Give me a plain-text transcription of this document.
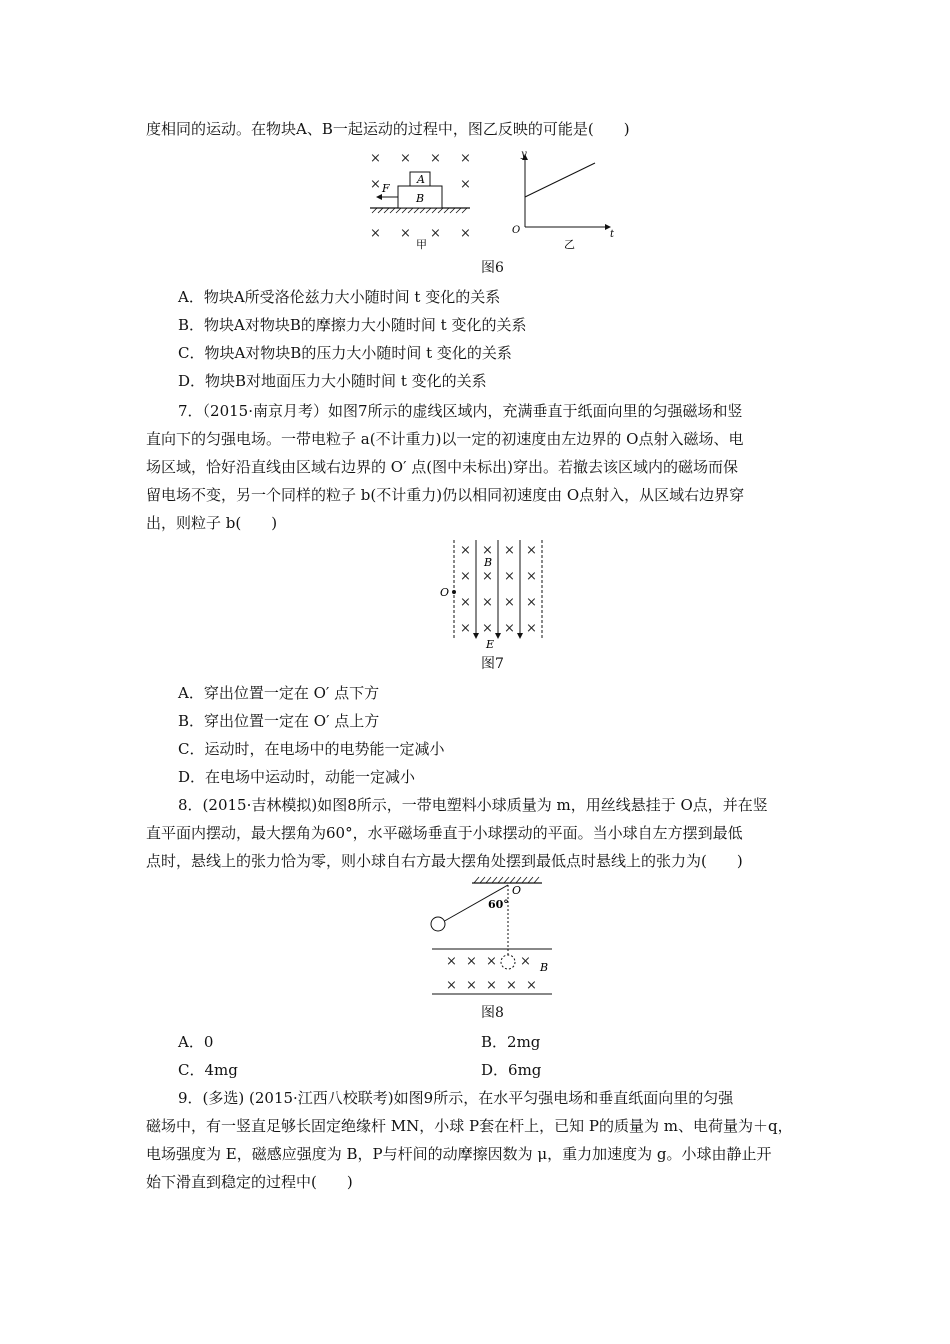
度相同的运动。在物块A、B一起运动的过程中，图乙反映的可能是(　　)
× × × ×
×	×
× × × ×
A
B
F
甲
y
O	t
乙
图6
A．物块A所受洛伦兹力大小随时间 t 变化的关系
B．物块A对物块B的摩擦力大小随时间 t 变化的关系
C．物块A对物块B的压力大小随时间 t 变化的关系
D．物块B对地面压力大小随时间 t 变化的关系
7．（2015·南京月考）如图7所示的虚线区域内，充满垂直于纸面向里的匀强磁场和竖
直向下的匀强电场。一带电粒子 a(不计重力)以一定的初速度由左边界的 O点射入磁场、电
场区域，恰好沿直线由区域右边界的 O′ 点(图中未标出)穿出。若撤去该区域内的磁场而保
留电场不变，另一个同样的粒子 b(不计重力)仍以相同初速度由 O点射入，从区域右边界穿
出，则粒子 b(　　)
× × × ×
× × × ×
× × × ×
× × × ×
O
B
E
图7
A．穿出位置一定在 O′ 点下方
B．穿出位置一定在 O′ 点上方
C．运动时，在电场中的电势能一定减小
D．在电场中运动时，动能一定减小
8．(2015·吉林模拟)如图8所示，一带电塑料小球质量为 m，用丝线悬挂于 O点，并在竖
直平面内摆动，最大摆角为60°，水平磁场垂直于小球摆动的平面。当小球自左方摆到最低
点时，悬线上的张力恰为零，则小球自右方最大摆角处摆到最低点时悬线上的张力为(　　)
O
60°
× × × ×
× × × × ×
B
图8
A．0	B．2mg
C．4mg	D．6mg
9．(多选) (2015·江西八校联考)如图9所示，在水平匀强电场和垂直纸面向里的匀强
磁场中，有一竖直足够长固定绝缘杆 MN，小球 P套在杆上，已知 P的质量为 m、电荷量为＋q，
电场强度为 E，磁感应强度为 B，P与杆间的动摩擦因数为 μ，重力加速度为 g。小球由静止开
始下滑直到稳定的过程中(　　)
